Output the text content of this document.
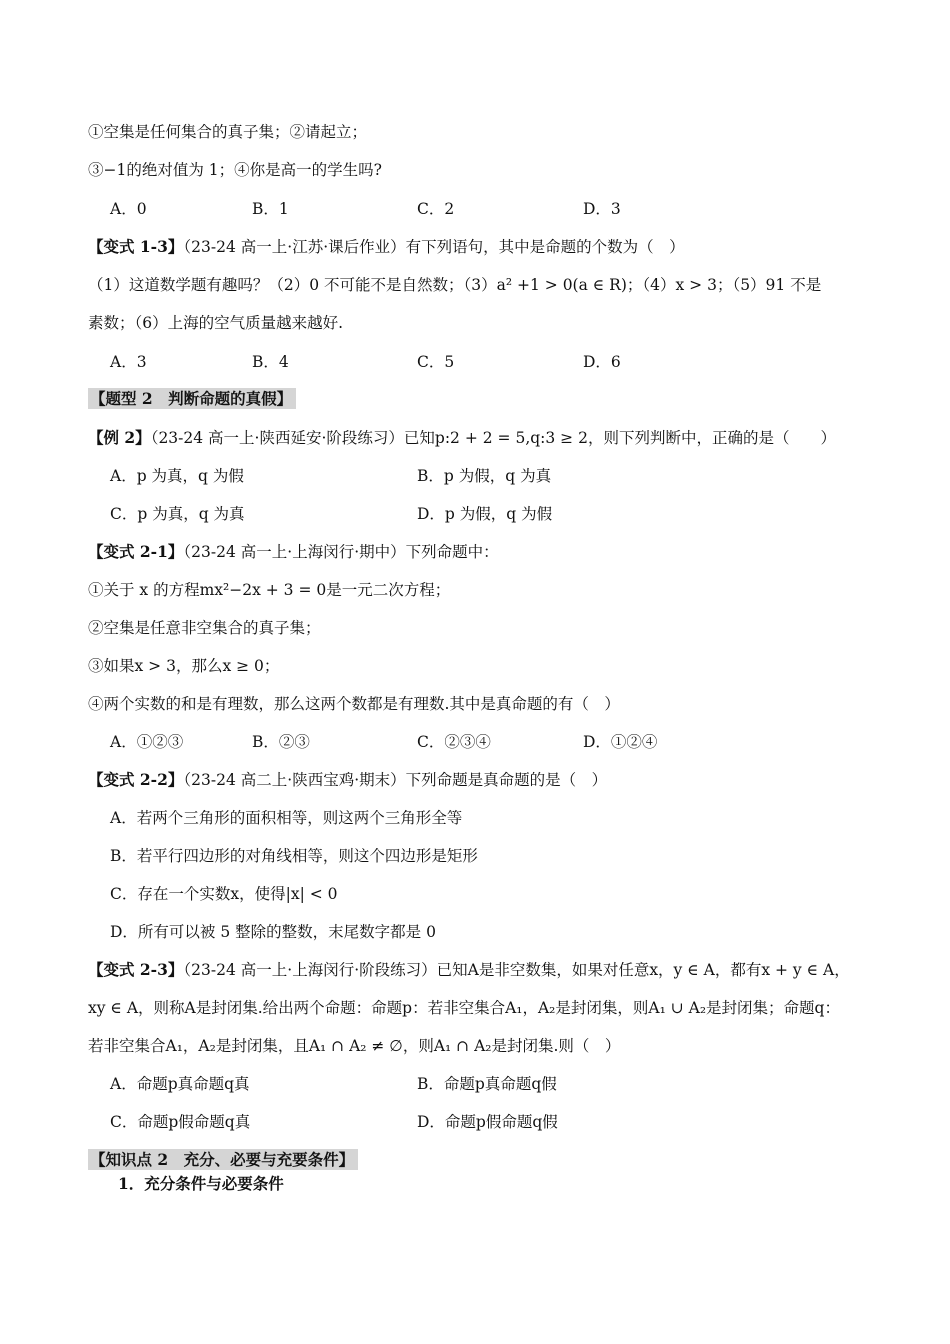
①空集是任何集合的真子集；②请起立；
③−1的绝对值为 1；④你是高一的学生吗?
A．0	B．1	C．2	D．3
【变式 1-3】（23-24 高一上·江苏·课后作业）有下列语句，其中是命题的个数为（　）
（1）这道数学题有趣吗？（2）0 不可能不是自然数；（3）a² +1 > 0(a ∈ R)；（4）x > 3；（5）91 不是
素数；（6）上海的空气质量越来越好.
A．3	B．4	C．5	D．6
【题型 2　判断命题的真假】
【例 2】（23-24 高一上·陕西延安·阶段练习）已知p:2 + 2 = 5,q:3 ≥ 2，则下列判断中，正确的是（　　）
A．p 为真，q 为假	B．p 为假，q 为真
C．p 为真，q 为真	D．p 为假，q 为假
【变式 2-1】（23-24 高一上·上海闵行·期中）下列命题中：
①关于 x 的方程mx²−2x + 3 = 0是一元二次方程；
②空集是任意非空集合的真子集；
③如果x > 3，那么x ≥ 0；
④两个实数的和是有理数，那么这两个数都是有理数.其中是真命题的有（　）
A．①②③	B．②③	C．②③④	D．①②④
【变式 2-2】（23-24 高二上·陕西宝鸡·期末）下列命题是真命题的是（　）
A．若两个三角形的面积相等，则这两个三角形全等
B．若平行四边形的对角线相等，则这个四边形是矩形
C．存在一个实数x，使得|x| < 0
D．所有可以被 5 整除的整数，末尾数字都是 0
【变式 2-3】（23-24 高一上·上海闵行·阶段练习）已知A是非空数集，如果对任意x，y ∈ A，都有x + y ∈ A，
xy ∈ A，则称A是封闭集.给出两个命题：命题p：若非空集合A₁，A₂是封闭集，则A₁ ∪ A₂是封闭集；命题q：
若非空集合A₁，A₂是封闭集，且A₁ ∩ A₂ ≠ ∅，则A₁ ∩ A₂是封闭集.则（　）
A．命题p真命题q真	B．命题p真命题q假
C．命题p假命题q真	D．命题p假命题q假
【知识点 2　充分、必要与充要条件】
1．充分条件与必要条件
